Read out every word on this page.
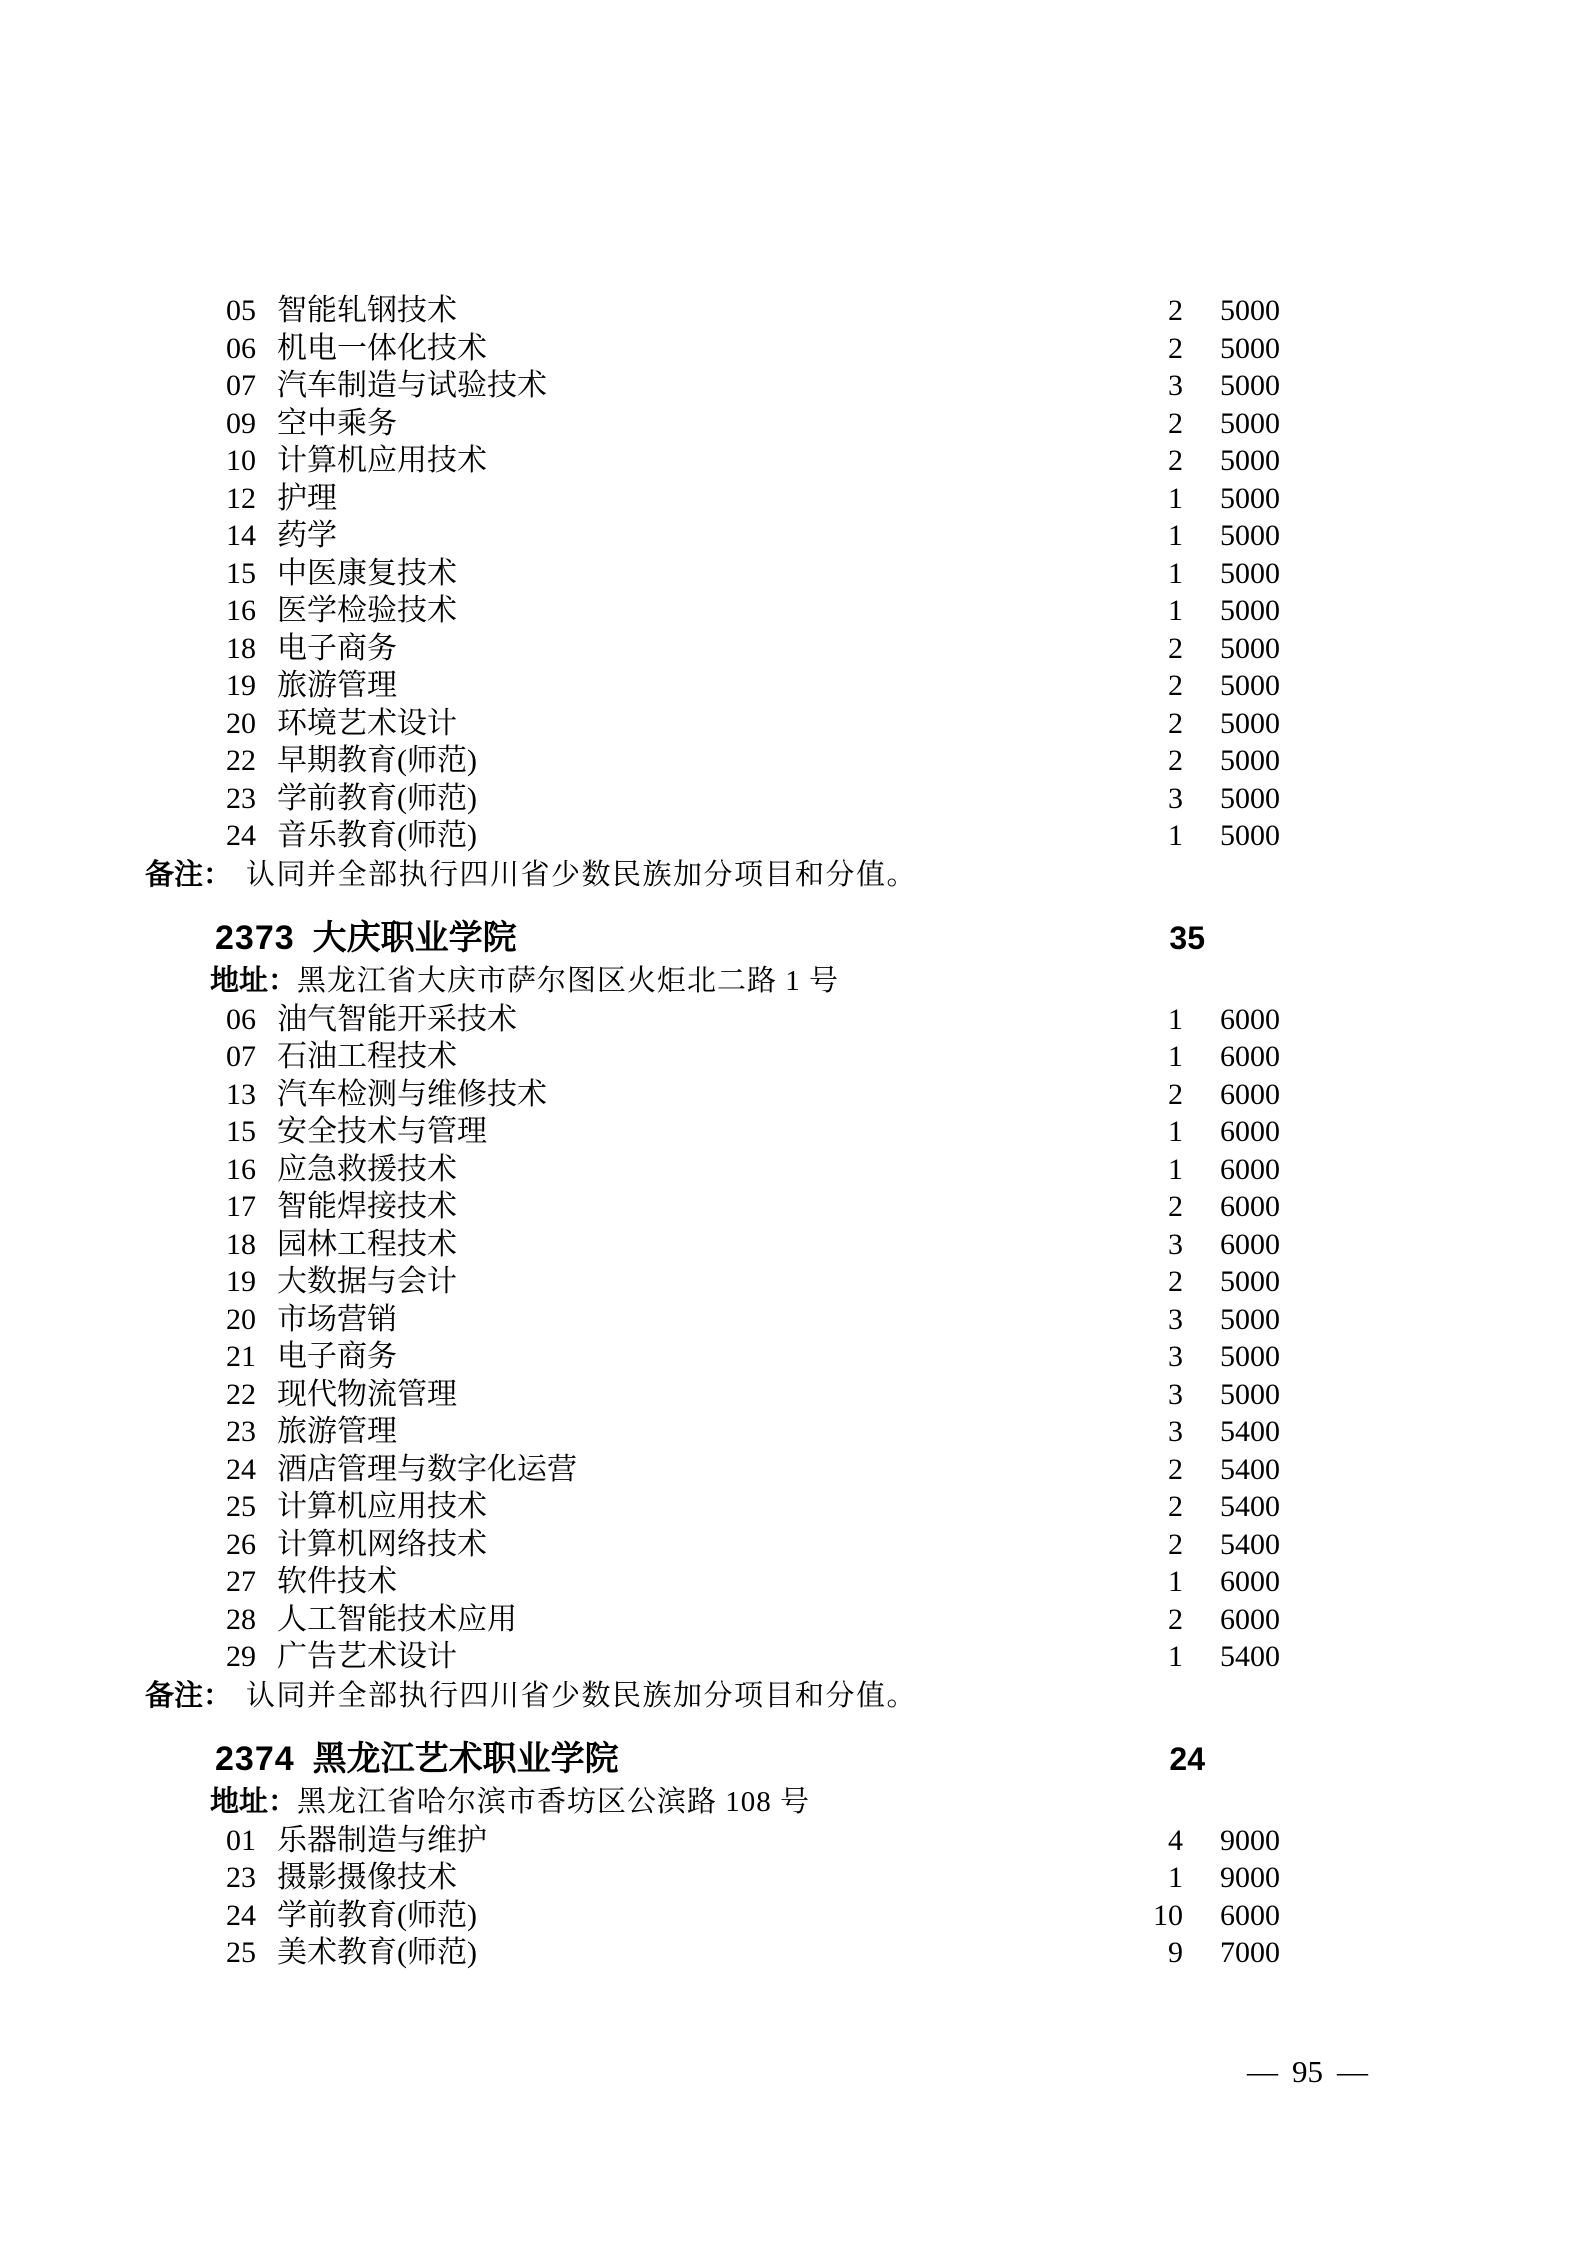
05 智能轧钢技术	2	5000
06 机电一体化技术	2	5000
07 汽车制造与试验技术	3	5000
09 空中乘务	2	5000
10 计算机应用技术	2	5000
12 护理	1	5000
14 药学	1	5000
15 中医康复技术	1	5000
16 医学检验技术	1	5000
18 电子商务	2	5000
19 旅游管理	2	5000
20 环境艺术设计	2	5000
22 早期教育(师范)	2	5000
23 学前教育(师范)	3	5000
24 音乐教育(师范)	1	5000
备注： 认同并全部执行四川省少数民族加分项目和分值。
2373 大庆职业学院	35
地址：黑龙江省大庆市萨尔图区火炬北二路 1 号
06 油气智能开采技术	1	6000
07 石油工程技术	1	6000
13 汽车检测与维修技术	2	6000
15 安全技术与管理	1	6000
16 应急救援技术	1	6000
17 智能焊接技术	2	6000
18 园林工程技术	3	6000
19 大数据与会计	2	5000
20 市场营销	3	5000
21 电子商务	3	5000
22 现代物流管理	3	5000
23 旅游管理	3	5400
24 酒店管理与数字化运营	2	5400
25 计算机应用技术	2	5400
26 计算机网络技术	2	5400
27 软件技术	1	6000
28 人工智能技术应用	2	6000
29 广告艺术设计	1	5400
备注： 认同并全部执行四川省少数民族加分项目和分值。
2374 黑龙江艺术职业学院	24
地址：黑龙江省哈尔滨市香坊区公滨路 108 号
01 乐器制造与维护	4	9000
23 摄影摄像技术	1	9000
24 学前教育(师范)	10	6000
25 美术教育(师范)	9	7000
— 95 —
